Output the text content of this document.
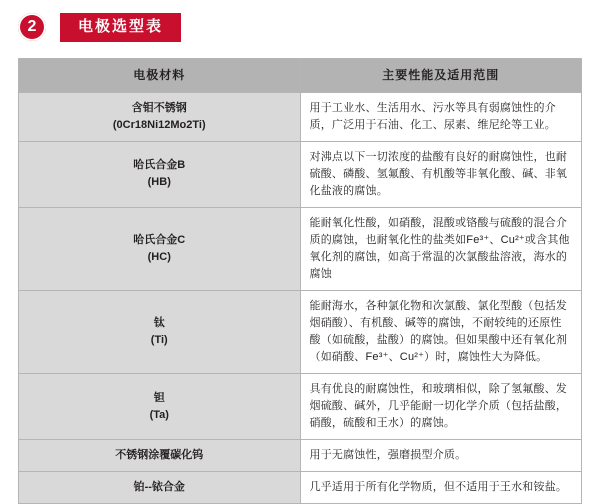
2	电极选型表
电极材料	主要性能及适用范围

含钼不锈钢
(0Cr18Ni12Mo2Ti)	用于工业水、生活用水、污水等具有弱腐蚀性的介质，广泛用于石油、化工、尿素、维尼纶等工业。

哈氏合金B
(HB)	对沸点以下一切浓度的盐酸有良好的耐腐蚀性，也耐硫酸、磷酸、氢氟酸、有机酸等非氧化酸、碱、非氧化盐液的腐蚀。

哈氏合金C
(HC)	能耐氧化性酸，如硝酸，混酸或铬酸与硫酸的混合介质的腐蚀，也耐氧化性的盐类如Fe³⁺、Cu²⁺或含其他氧化剂的腐蚀，如高于常温的次氯酸盐溶液，海水的腐蚀

钛
(Ti)	能耐海水，各种氯化物和次氯酸、氯化型酸（包括发烟硝酸）、有机酸、碱等的腐蚀，不耐较纯的还原性酸（如硫酸，盐酸）的腐蚀。但如果酸中还有氧化剂（如硝酸、Fe³⁺、Cu²⁺）时，腐蚀性大为降低。

钽
(Ta)	具有优良的耐腐蚀性，和玻璃相似，除了氢氟酸、发烟硫酸、碱外，几乎能耐一切化学介质（包括盐酸，硝酸，硫酸和王水）的腐蚀。

不锈钢涂覆碳化钨	用于无腐蚀性，强磨损型介质。

铂--铱合金	几乎适用于所有化学物质，但不适用于王水和铵盐。
